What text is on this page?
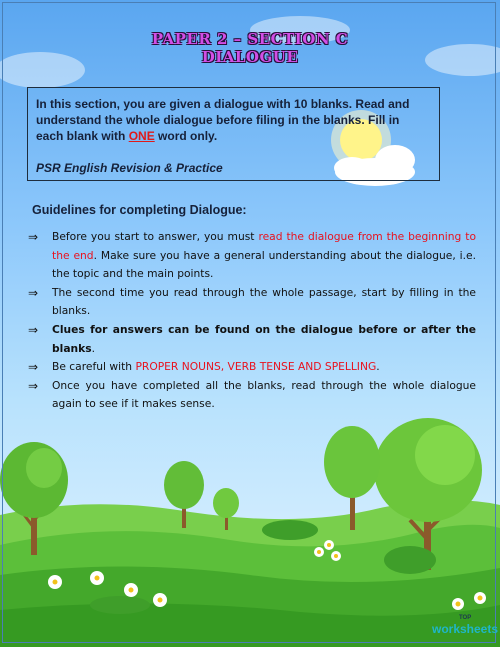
PAPER 2 – SECTION C
DIALOGUE
In this section, you are given a dialogue with 10 blanks. Read and understand the whole dialogue before filing in the blanks. Fill in each blank with ONE word only.
PSR English Revision & Practice
Guidelines for completing Dialogue:
⇒ Before you start to answer, you must read the dialogue from the beginning to the end. Make sure you have a general understanding about the dialogue, i.e. the topic and the main points.
⇒ The second time you read through the whole passage, start by filling in the blanks.
⇒ Clues for answers can be found on the dialogue before or after the blanks.
⇒ Be careful with PROPER NOUNS, VERB TENSE AND SPELLING.
⇒ Once you have completed all the blanks, read through the whole dialogue again to see if it makes sense.
TOP
worksheets
